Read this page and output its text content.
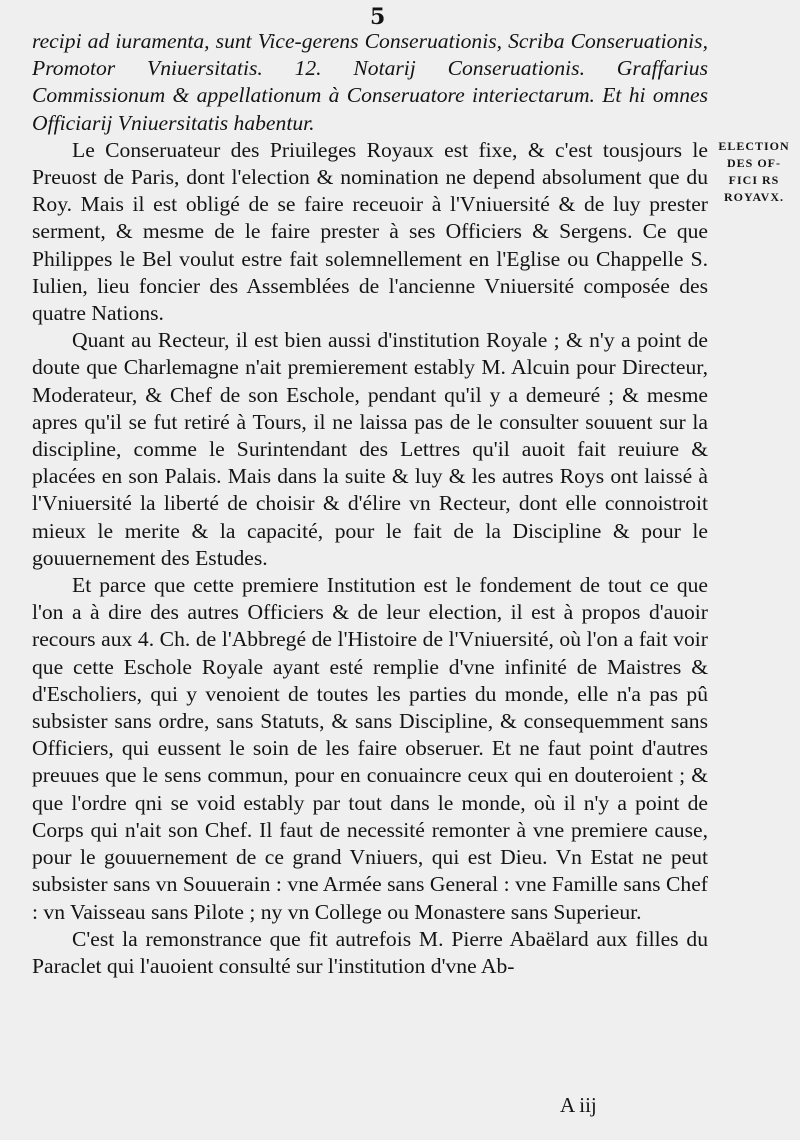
5

recipi ad iuramenta, sunt Vice-gerens Conseruationis, Scriba Conseruationis, Promotor Vniuersitatis. 12. Notarij Conseruationis. Graffarius Commissionum & appellationum à Conseruatore interiectarum. Et hi omnes Officiarij Vniuersitatis habentur.

Le Conseruateur des Priuileges Royaux est fixe, & c'est tousjours le Preuost de Paris, dont l'election & nomination ne depend absolument que du Roy. Mais il est obligé de se faire receuoir à l'Vniuersité & de luy prester serment, & mesme de le faire prester à ses Officiers & Sergens. Ce que Philippes le Bel voulut estre fait solemnellement en l'Eglise ou Chappelle S. Iulien, lieu foncier des Assemblées de l'ancienne Vniuersité composée des quatre Nations.

Quant au Recteur, il est bien aussi d'institution Royale ; & n'y a point de doute que Charlemagne n'ait premierement estably M. Alcuin pour Directeur, Moderateur, & Chef de son Eschole, pendant qu'il y a demeuré ; & mesme apres qu'il se fut retiré à Tours, il ne laissa pas de le consulter souuent sur la discipline, comme le Surintendant des Lettres qu'il auoit fait reuiure & placées en son Palais. Mais dans la suite & luy & les autres Roys ont laissé à l'Vniuersité la liberté de choisir & d'élire vn Recteur, dont elle connoistroit mieux le merite & la capacité, pour le fait de la Discipline & pour le gouuernement des Estudes.

Et parce que cette premiere Institution est le fondement de tout ce que l'on a à dire des autres Officiers & de leur election, il est à propos d'auoir recours aux 4. Ch. de l'Abbregé de l'Histoire de l'Vniuersité, où l'on a fait voir que cette Eschole Royale ayant esté remplie d'vne infinité de Maistres & d'Escholiers, qui y venoient de toutes les parties du monde, elle n'a pas pû subsister sans ordre, sans Statuts, & sans Discipline, & consequemment sans Officiers, qui eussent le soin de les faire obseruer. Et ne faut point d'autres preuues que le sens commun, pour en conuaincre ceux qui en douteroient ; & que l'ordre qni se void estably par tout dans le monde, où il n'y a point de Corps qui n'ait son Chef. Il faut de necessité remonter à vne premiere cause, pour le gouuernement de ce grand Vniuers, qui est Dieu. Vn Estat ne peut subsister sans vn Souuerain : vne Armée sans General : vne Famille sans Chef : vn Vaisseau sans Pilote ; ny vn College ou Monastere sans Superieur.

C'est la remonstrance que fit autrefois M. Pierre Abaëlard aux filles du Paraclet qui l'auoient consulté sur l'institution d'vne Ab-

ELECTION
DES OF-
FICI RS
ROYAVX.

A iij
